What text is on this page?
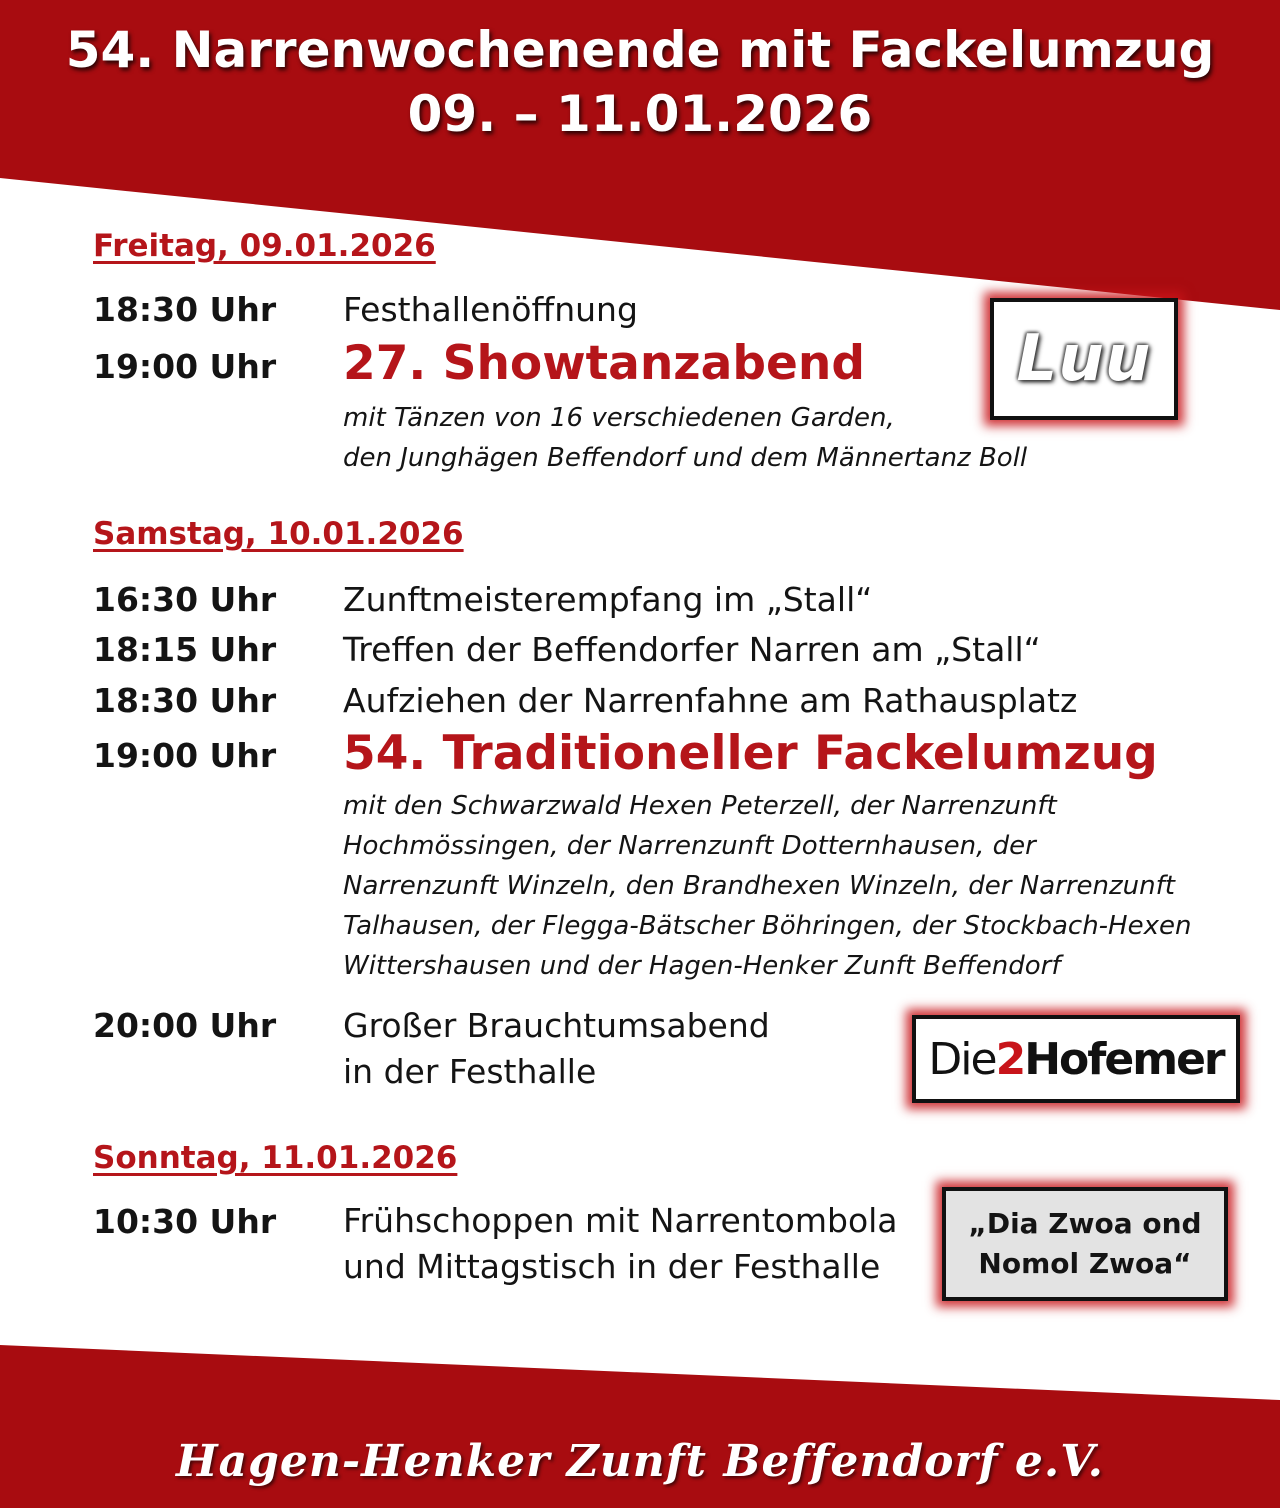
54. Narrenwochenende mit Fackelumzug
09. – 11.01.2026
Freitag, 09.01.2026
18:30 Uhr Festhallenöffnung
19:00 Uhr 27. Showtanzabend
mit Tänzen von 16 verschiedenen Garden,
den Junghägen Beffendorf und dem Männertanz Boll
Luu
Samstag, 10.01.2026
16:30 Uhr Zunftmeisterempfang im „Stall“
18:15 Uhr Treffen der Beffendorfer Narren am „Stall“
18:30 Uhr Aufziehen der Narrenfahne am Rathausplatz
19:00 Uhr 54. Traditioneller Fackelumzug
mit den Schwarzwald Hexen Peterzell, der Narrenzunft
Hochmössingen, der Narrenzunft Dotternhausen, der
Narrenzunft Winzeln, den Brandhexen Winzeln, der Narrenzunft
Talhausen, der Flegga-Bätscher Böhringen, der Stockbach-Hexen
Wittershausen und der Hagen-Henker Zunft Beffendorf
20:00 Uhr Großer Brauchtumsabend
in der Festhalle	Die2Hofemer
Sonntag, 11.01.2026
10:30 Uhr Frühschoppen mit Narrentombola
und Mittagstisch in der Festhalle
„Dia Zwoa ond
Nomol Zwoa“
Hagen-Henker Zunft Beffendorf e.V.
